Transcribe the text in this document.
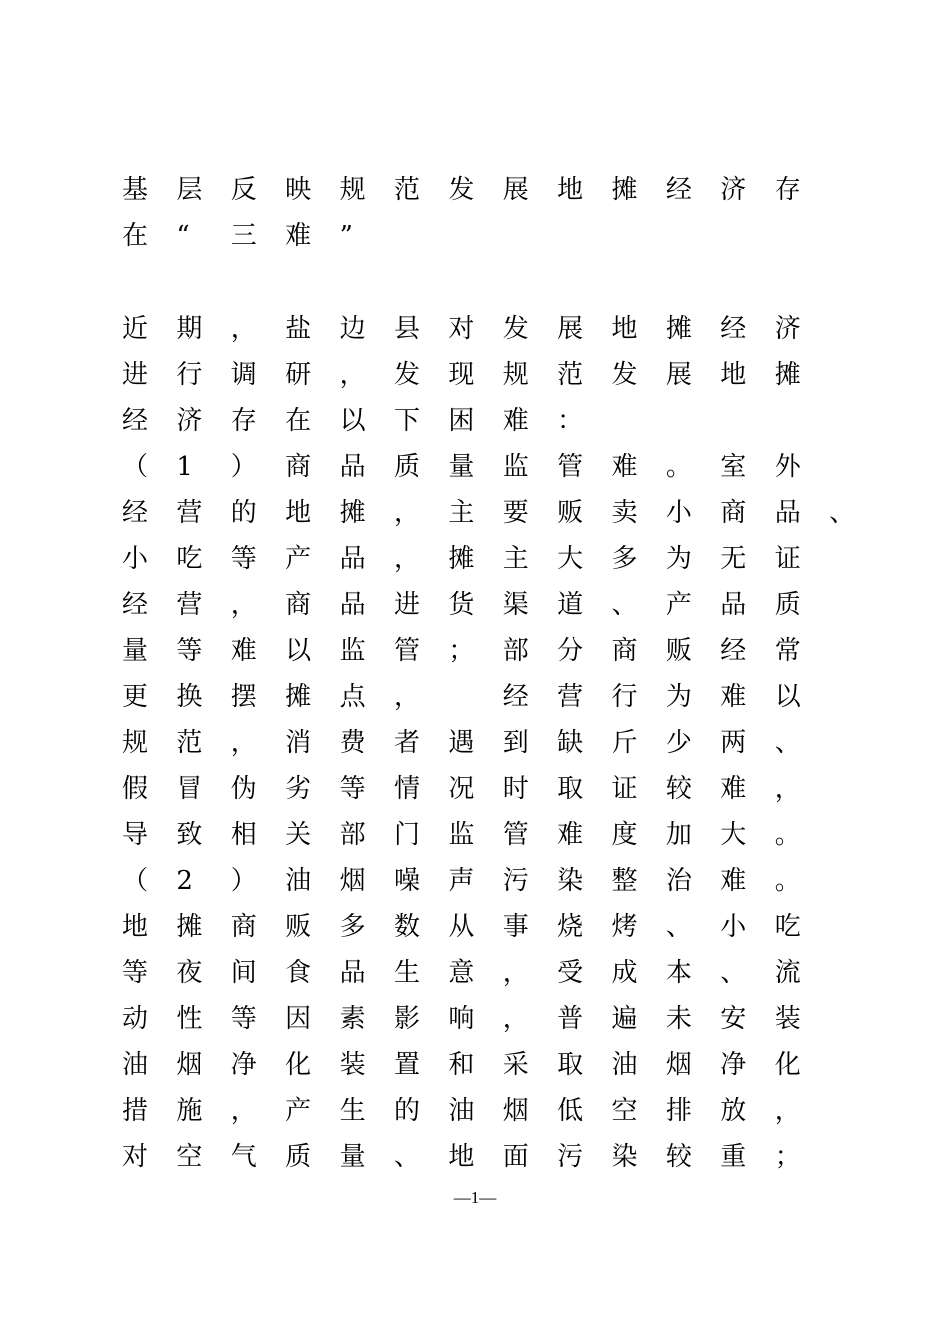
基 层 反 映 规 范 发 展 地 摊 经 济 存
在 “ 三 难 ”
近 期 ， 盐 边 县 对 发 展 地 摊 经 济
进 行 调 研 ， 发 现 规 范 发 展 地 摊
经 济 存 在 以 下 困 难 ：
（ 1 ） 商 品 质 量 监 管 难 。 室 外
经 营 的 地 摊 ， 主 要 贩 卖 小 商 品 、
小 吃 等 产 品 ， 摊 主 大 多 为 无 证
经 营 ， 商 品 进 货 渠 道 、 产 品 质
量 等 难 以 监 管 ； 部 分 商 贩 经 常
更 换 摆 摊 点 ，	经 营 行 为 难 以
规 范 ， 消 费 者 遇 到 缺 斤 少 两 、
假 冒 伪 劣 等 情 况 时 取 证 较 难 ，
导 致 相 关 部 门 监 管 难 度 加 大 。
（ 2 ） 油 烟 噪 声 污 染 整 治 难 。
地 摊 商 贩 多 数 从 事 烧 烤 、 小 吃
等 夜 间 食 品 生 意 ， 受 成 本 、 流
动 性 等 因 素 影 响 ， 普 遍 未 安 装
油 烟 净 化 装 置 和 采 取 油 烟 净 化
措 施 ， 产 生 的 油 烟 低 空 排 放 ，
对 空 气 质 量 、 地 面 污 染 较 重 ；
—1—
